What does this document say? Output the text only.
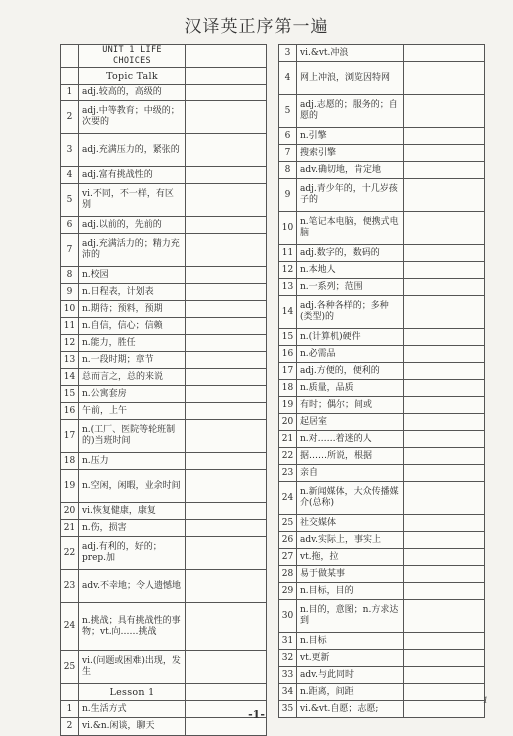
汉译英正序第一遍
	UNIT 1 LIFE CHOICES	
	Topic Talk	
1	adj.较高的，高级的	
2	adj.中等教育；中级的；次要的	
3	adj.充满压力的，紧张的	
4	adj.富有挑战性的	
5	vi.不同，不一样，有区别	
6	adj.以前的，先前的	
7	adj.充满活力的；精力充沛的	
8	n.校园	
9	n.日程表，计划表	
10	n.期待；预料，预期	
11	n.自信，信心；信赖	
12	n.能力，胜任	
13	n.一段时期；章节	
14	总而言之，总的来说	
15	n.公寓套房	
16	午前，上午	
17	n.(工厂、医院等轮班制的)当班时间	
18	n.压力	
19	n.空闲，闲暇，业余时间	
20	vi.恢复健康，康复	
21	n.伤，损害	
22	adj.有利的，好的；prep.加	
23	adv.不幸地；令人遗憾地	
24	n.挑战；具有挑战性的事物；vt.向……挑战	
25	vi.(问题或困难)出现，发生	
	Lesson 1	
1	n.生活方式	
2	vi.&n.闲谈，聊天	
3	vi.&vt.冲浪	
4	网上冲浪，浏览因特网	
5	adj.志愿的；服务的；自愿的	
6	n.引擎	
7	搜索引擎	
8	adv.确切地，肯定地	
9	adj.青少年的，十几岁孩子的	
10	n.笔记本电脑，便携式电脑	
11	adj.数字的，数码的	
12	n.本地人	
13	n.一系列；范围	
14	adj.各种各样的；多种(类型)的	
15	n.(计算机)硬件	
16	n.必需品	
17	adj.方便的，便利的	
18	n.质量，品质	
19	有时；偶尔；间或	
20	起居室	
21	n.对……着迷的人	
22	据……所说，根据	
23	亲自	
24	n.新闻媒体，大众传播媒介(总称)	
25	社交媒体	
26	adv.实际上，事实上	
27	vt.拖，拉	
28	易于做某事	
29	n.目标，目的	
30	n.目的，意图；n.方求达到	
31	n.目标	
32	vt.更新	
33	adv.与此同时	
34	n.距离，间距	
35	vi.&vt.自愿；志愿;	
-1-
1
